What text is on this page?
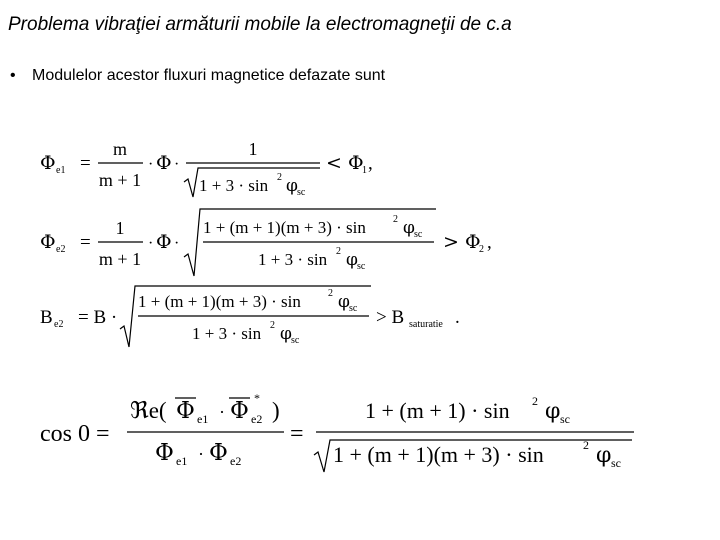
Problema vibraţiei armăturii mobile la electromagneţii de c.a
• Modulelor acestor fluxuri magnetice defazate sunt
Φ e1 =
m
m + 1
· Φ ·
1
1 + 3 · sin 2 φ sc
< Φ
1 ,
Φ e2 =
1
m + 1
· Φ ·
1 + (m + 1)(m + 3) · sin	2 φ sc
1 + 3 · sin 2 φ sc
> Φ
2 ,
B e2 = B ·
1 + (m + 1)(m + 3) · sin	2 φ sc
1 + 3 · sin 2 φ sc
> B saturatie .
cos 0 =
ℜe( Φ e1 · Φ *
e2 )
Φ e1 · Φ e2
=
1 + (m + 1) · sin 2 φ sc
1 + (m + 1)(m + 3) · sin	2 φ sc
